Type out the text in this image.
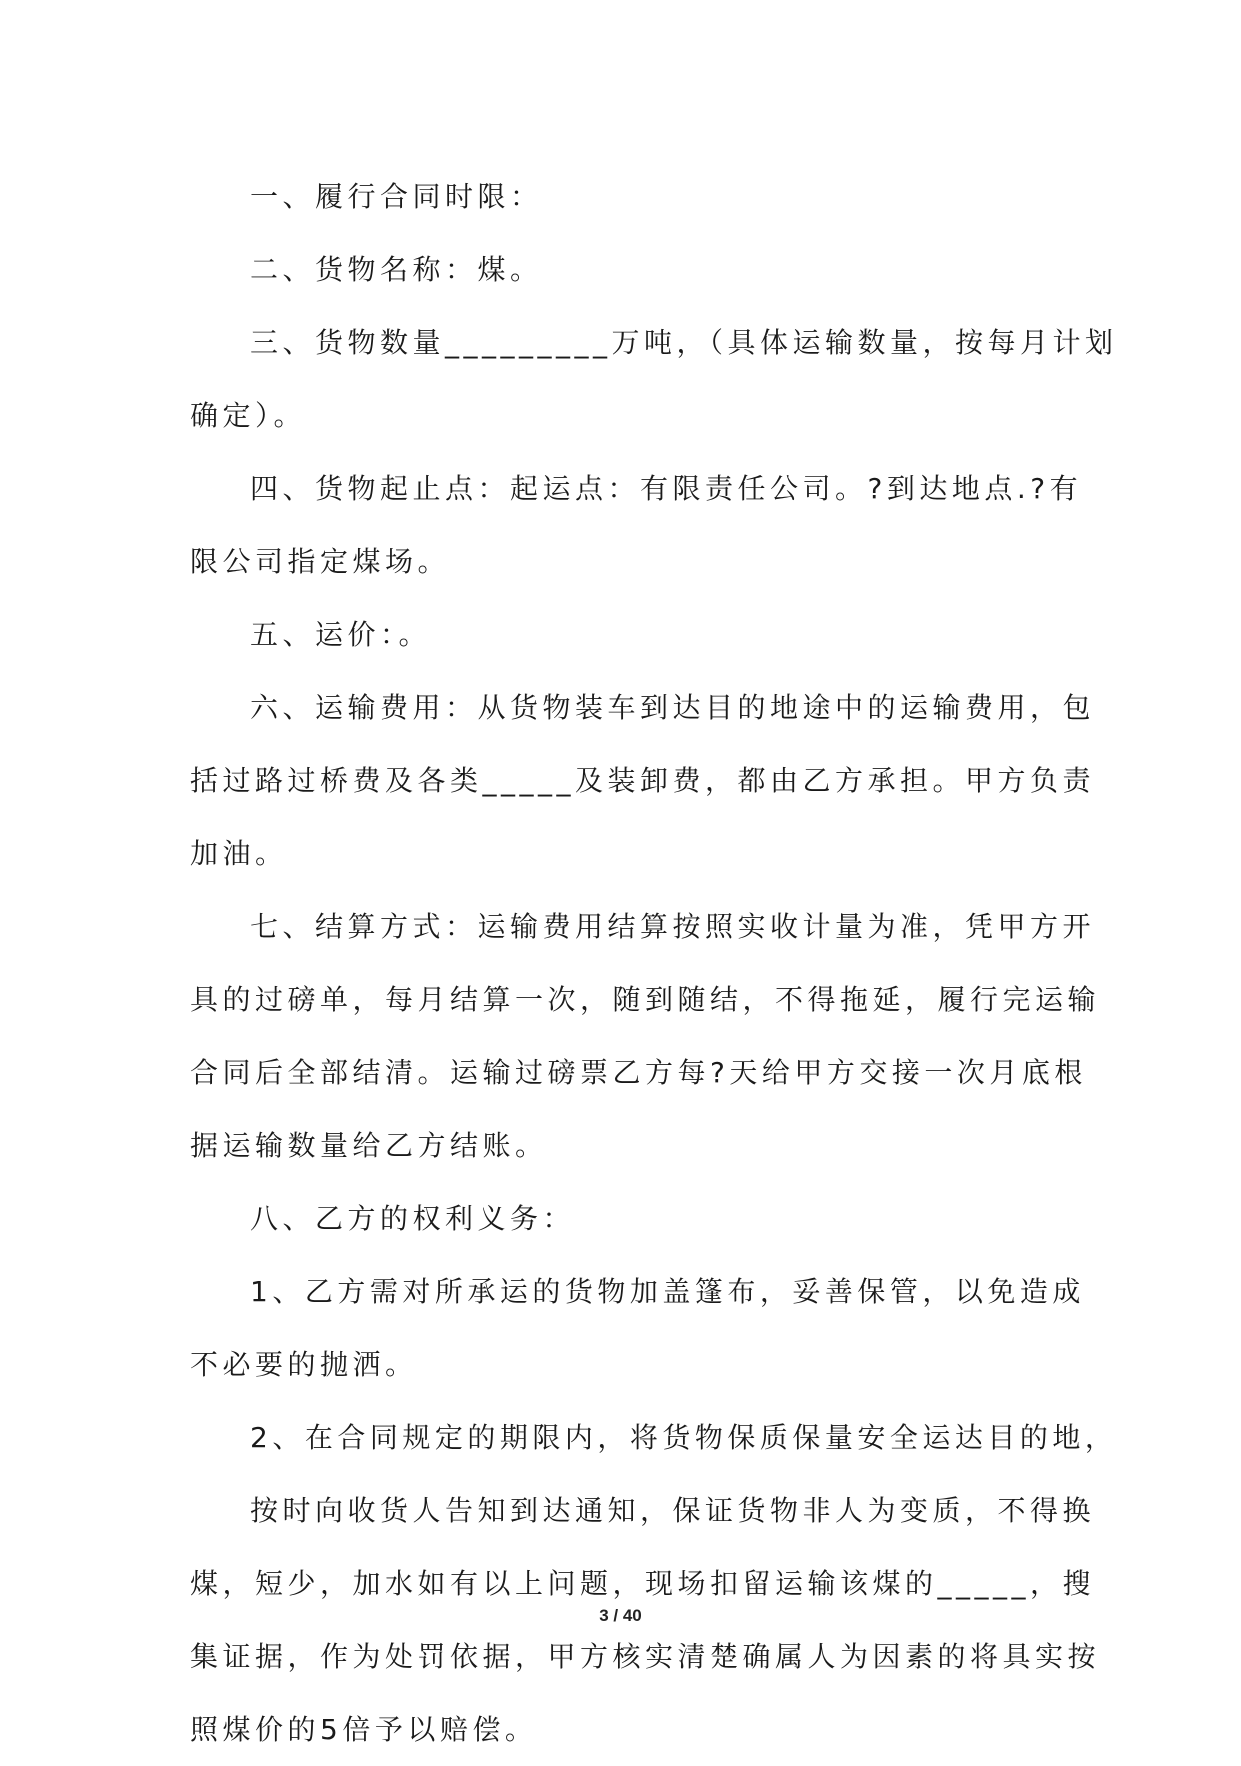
一、履行合同时限：
二、货物名称：煤。
三、货物数量_________万吨，（具体运输数量，按每月计划
确定）。
四、货物起止点：起运点：有限责任公司。?到达地点.?有
限公司指定煤场。
五、运价：。
六、运输费用：从货物装车到达目的地途中的运输费用，包
括过路过桥费及各类_____及装卸费，都由乙方承担。甲方负责
加油。
七、结算方式：运输费用结算按照实收计量为准，凭甲方开
具的过磅单，每月结算一次，随到随结，不得拖延，履行完运输
合同后全部结清。运输过磅票乙方每?天给甲方交接一次月底根
据运输数量给乙方结账。
八、乙方的权利义务：
1、乙方需对所承运的货物加盖篷布，妥善保管，以免造成
不必要的抛洒。
2、在合同规定的期限内，将货物保质保量安全运达目的地，
按时向收货人告知到达通知，保证货物非人为变质，不得换
煤，短少，加水如有以上问题，现场扣留运输该煤的_____，搜
集证据，作为处罚依据，甲方核实清楚确属人为因素的将具实按
照煤价的5倍予以赔偿。
3 / 40
